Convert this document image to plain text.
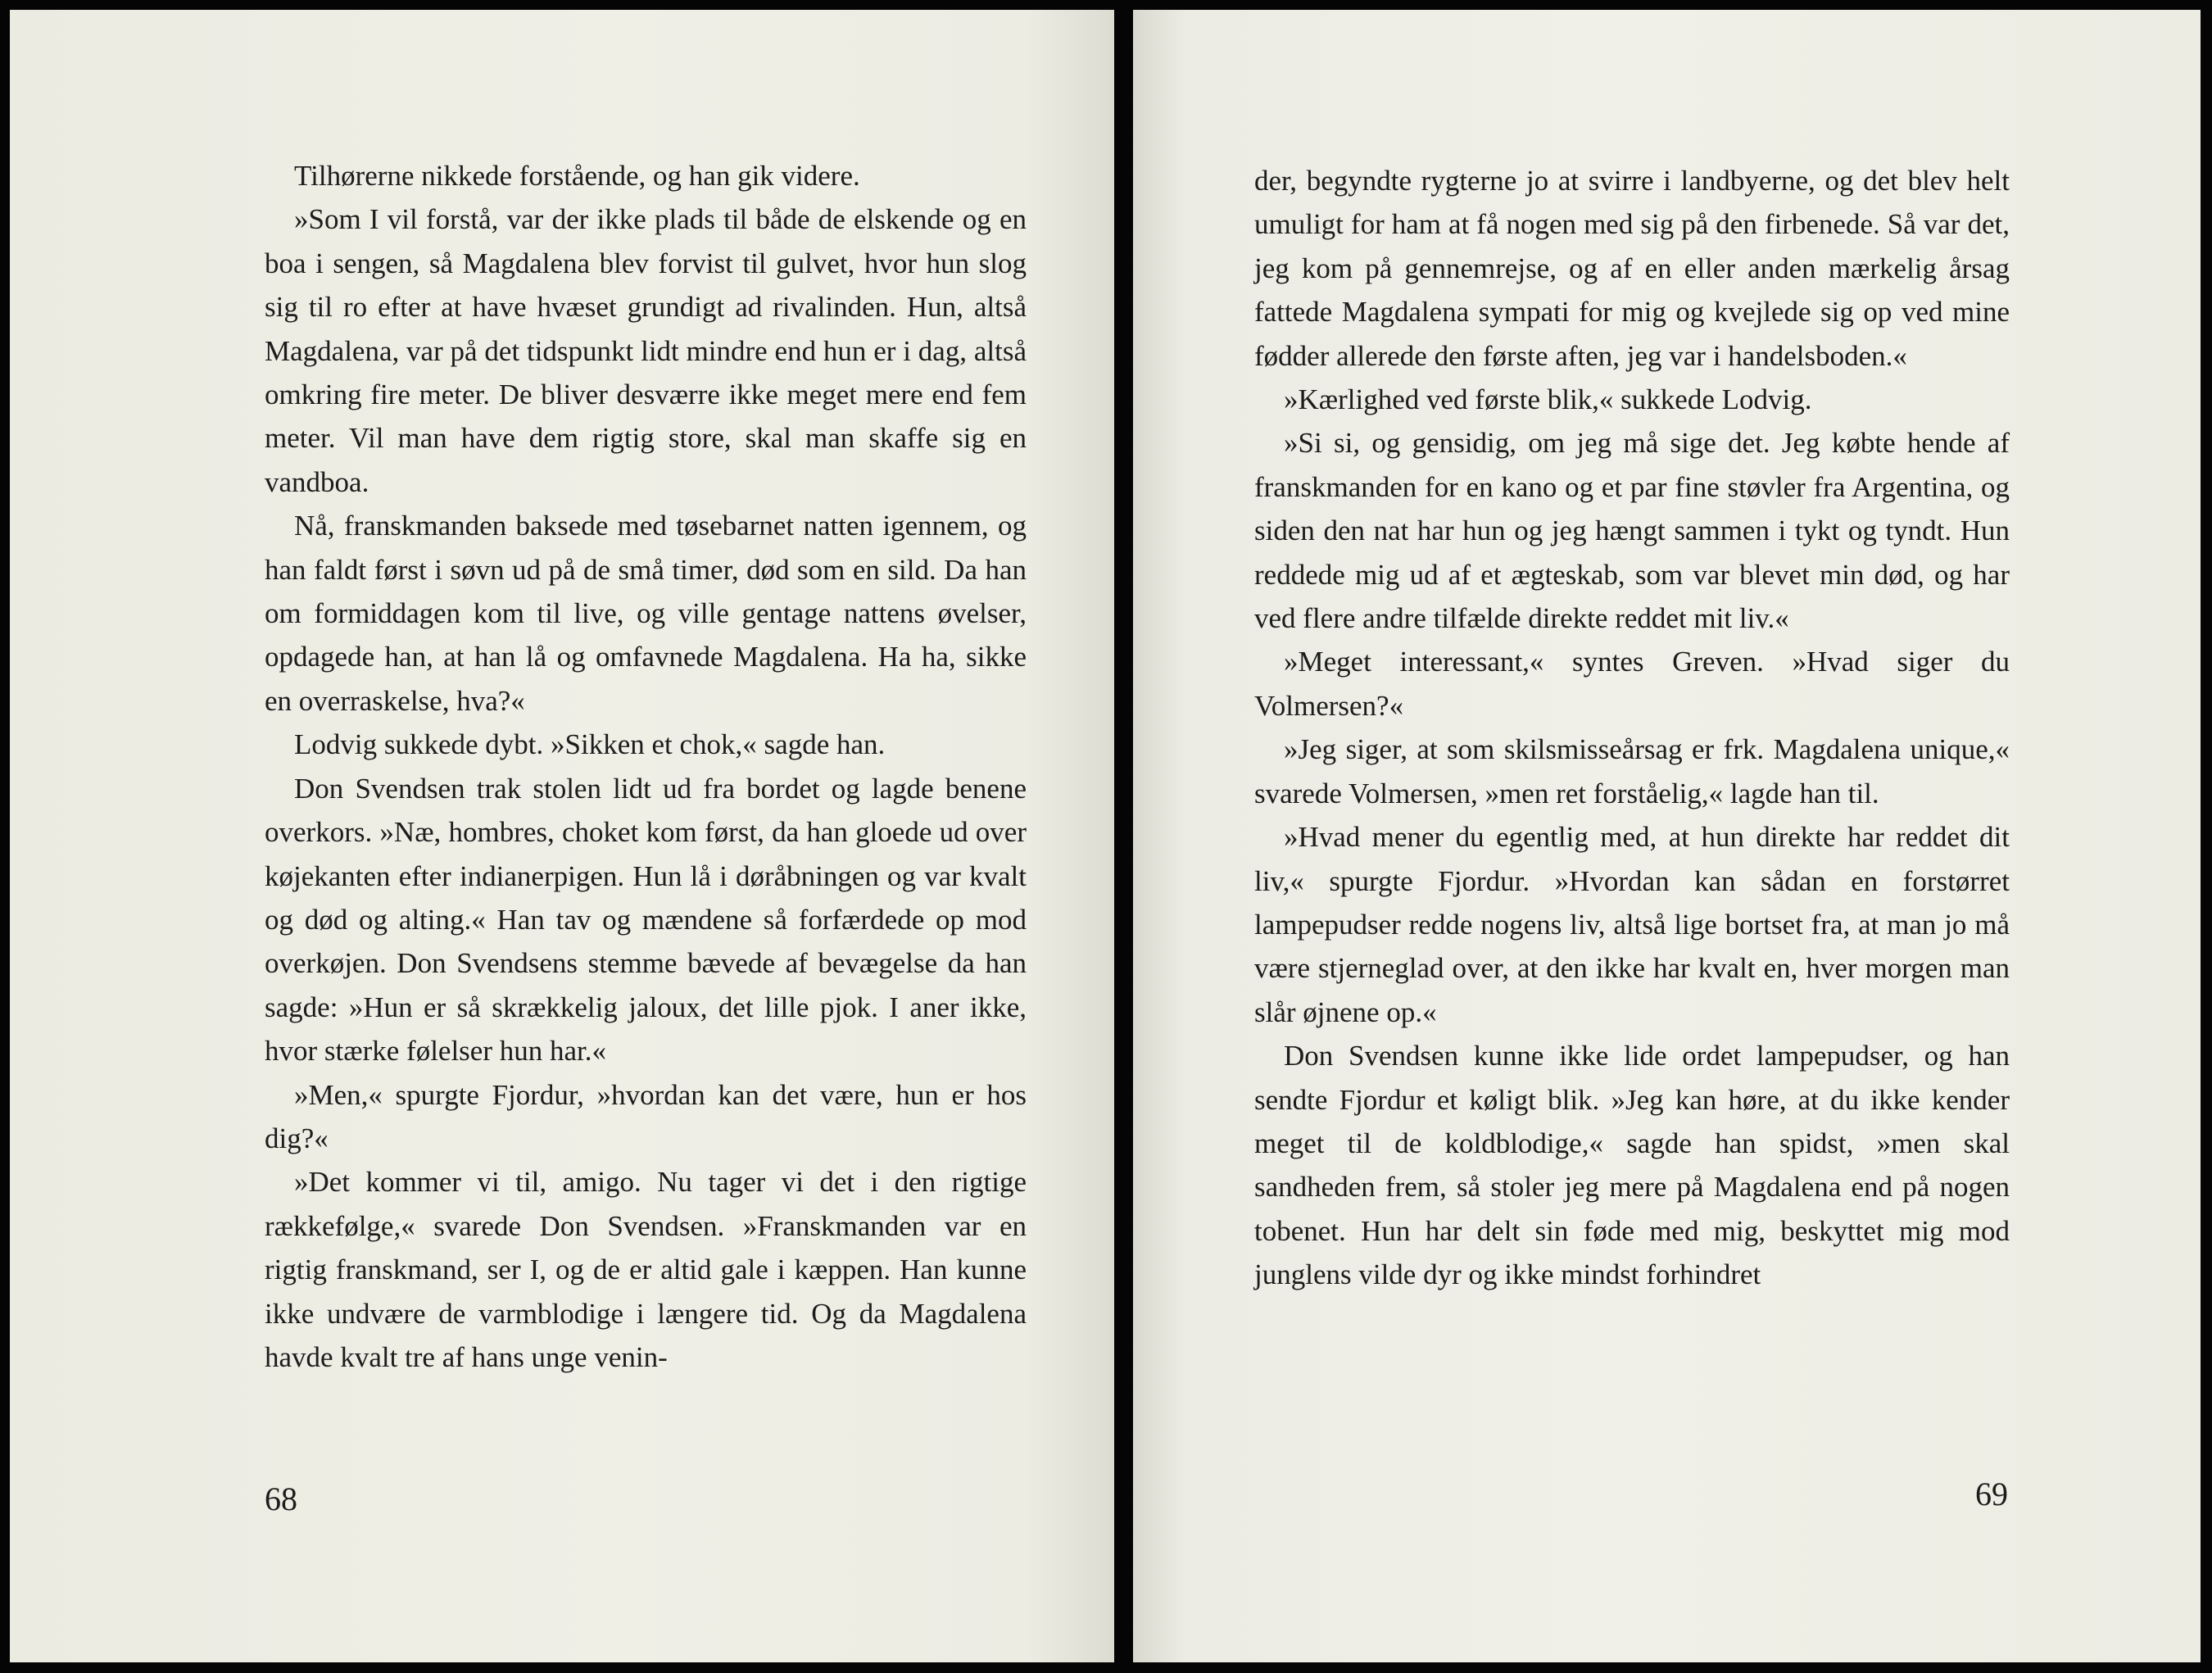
Tilhørerne nikkede forstående, og han gik videre.

»Som I vil forstå, var der ikke plads til både de elskende og en boa i sengen, så Magdalena blev forvist til gulvet, hvor hun slog sig til ro efter at have hvæset grundigt ad rivalinden. Hun, altså Magdalena, var på det tidspunkt lidt mindre end hun er i dag, altså omkring fire meter. De bliver desværre ikke meget mere end fem meter. Vil man have dem rigtig store, skal man skaffe sig en vandboa.

Nå, franskmanden baksede med tøsebarnet natten igennem, og han faldt først i søvn ud på de små timer, død som en sild. Da han om formiddagen kom til live, og ville gentage nattens øvelser, opdagede han, at han lå og omfavnede Magdalena. Ha ha, sikke en overraskelse, hva?«

Lodvig sukkede dybt. »Sikken et chok,« sagde han.

Don Svendsen trak stolen lidt ud fra bordet og lagde benene overkors. »Næ, hombres, choket kom først, da han gloede ud over køjekanten efter indianerpigen. Hun lå i døråbningen og var kvalt og død og alting.« Han tav og mændene så forfærdede op mod overkøjen. Don Svendsens stemme bævede af bevægelse da han sagde: »Hun er så skrækkelig jaloux, det lille pjok. I aner ikke, hvor stærke følelser hun har.«

»Men,« spurgte Fjordur, »hvordan kan det være, hun er hos dig?«

»Det kommer vi til, amigo. Nu tager vi det i den rigtige rækkefølge,« svarede Don Svendsen. »Franskmanden var en rigtig franskmand, ser I, og de er altid gale i kæppen. Han kunne ikke undvære de varmblodige i længere tid. Og da Magdalena havde kvalt tre af hans unge venin-

68

der, begyndte rygterne jo at svirre i landbyerne, og det blev helt umuligt for ham at få nogen med sig på den firbenede. Så var det, jeg kom på gennemrejse, og af en eller anden mærkelig årsag fattede Magdalena sympati for mig og kvejlede sig op ved mine fødder allerede den første aften, jeg var i handelsboden.«

»Kærlighed ved første blik,« sukkede Lodvig.

»Si si, og gensidig, om jeg må sige det. Jeg købte hende af franskmanden for en kano og et par fine støvler fra Argentina, og siden den nat har hun og jeg hængt sammen i tykt og tyndt. Hun reddede mig ud af et ægteskab, som var blevet min død, og har ved flere andre tilfælde direkte reddet mit liv.«

»Meget interessant,« syntes Greven. »Hvad siger du Volmersen?«

»Jeg siger, at som skilsmisseårsag er frk. Magdalena unique,« svarede Volmersen, »men ret forståelig,« lagde han til.

»Hvad mener du egentlig med, at hun direkte har reddet dit liv,« spurgte Fjordur. »Hvordan kan sådan en forstørret lampepudser redde nogens liv, altså lige bortset fra, at man jo må være stjerneglad over, at den ikke har kvalt en, hver morgen man slår øjnene op.«

Don Svendsen kunne ikke lide ordet lampepudser, og han sendte Fjordur et køligt blik. »Jeg kan høre, at du ikke kender meget til de koldblodige,« sagde han spidst, »men skal sandheden frem, så stoler jeg mere på Magdalena end på nogen tobenet. Hun har delt sin føde med mig, beskyttet mig mod junglens vilde dyr og ikke mindst forhindret

69
